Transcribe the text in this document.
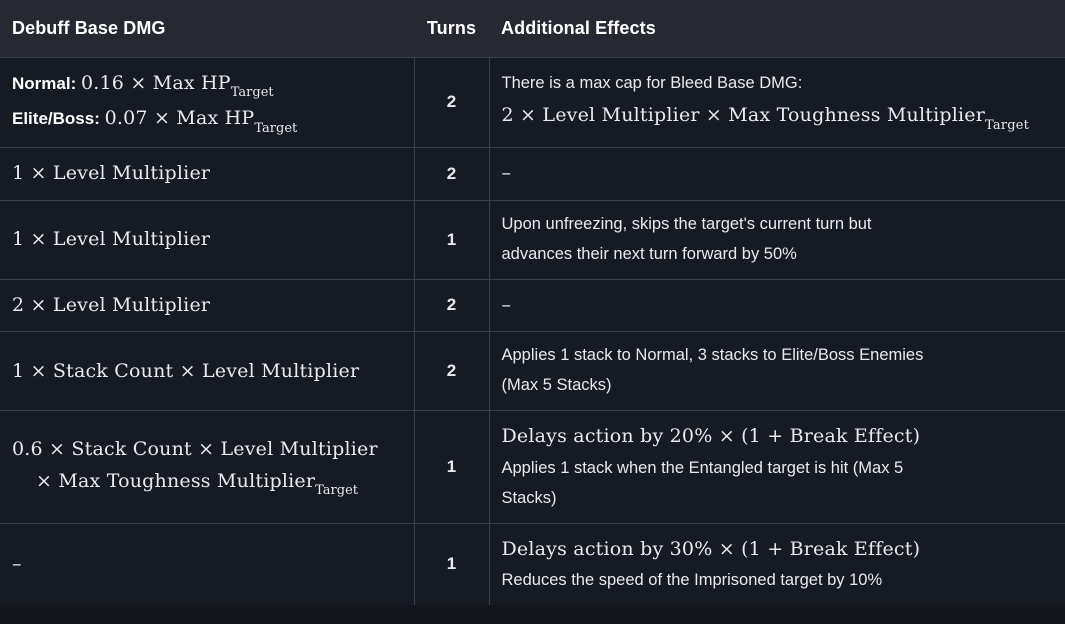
Debuff Base DMG	Turns	Additional Effects

Normal: 0.16 × Max $HP_{Target}$
Elite/Boss: 0.07 × Max $HP_{Target}$	2	There is a max cap for Bleed Base DMG:
2 × Level Multiplier × Max Toughness Multiplier$_{Target}$

1 × Level Multiplier	2	–

1 × Level Multiplier	1	Upon unfreezing, skips the target's current turn but
advances their next turn forward by 50%

2 × Level Multiplier	2	–

1 × Stack Count × Level Multiplier	2	Applies 1 stack to Normal, 3 stacks to Elite/Boss Enemies
(Max 5 Stacks)

0.6 × Stack Count × Level Multiplier
× Max Toughness Multiplier$_{Target}$	1	Delays action by 20% × (1 + Break Effect)
Applies 1 stack when the Entangled target is hit (Max 5
Stacks)

–	1	Delays action by 30% × (1 + Break Effect)
Reduces the speed of the Imprisoned target by 10%
